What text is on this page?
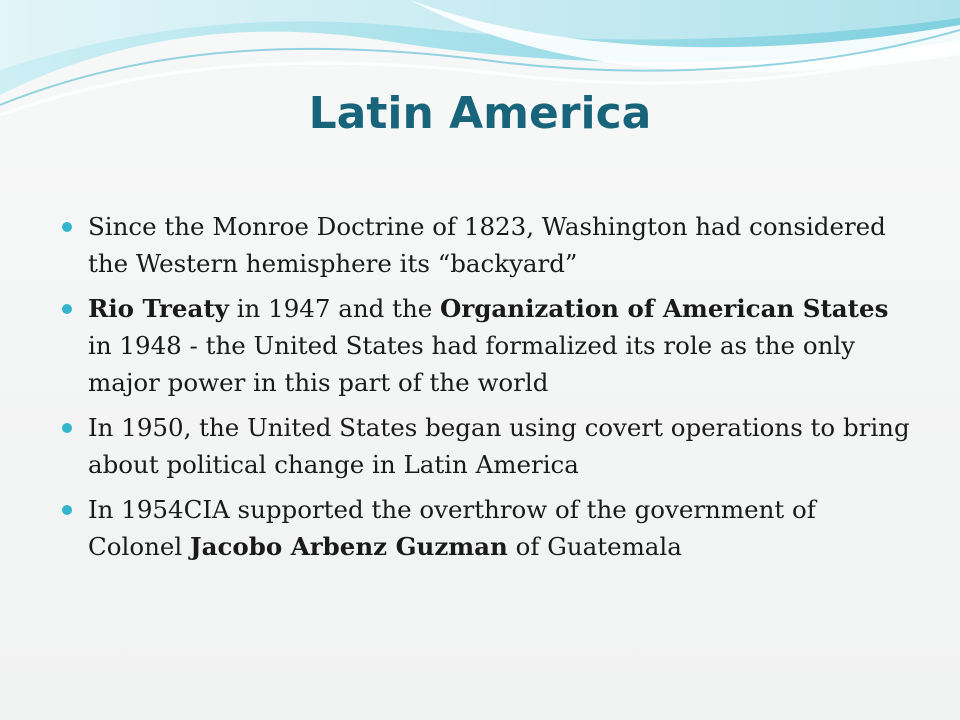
Latin America
Since the Monroe Doctrine of 1823, Washington had considered the Western hemisphere its “backyard”
Rio Treaty in 1947 and the Organization of American States in 1948 - the United States had formalized its role as the only major power in this part of the world
In 1950, the United States began using covert operations to bring about political change in Latin America
In 1954CIA supported the overthrow of the government of Colonel Jacobo Arbenz Guzman of Guatemala
